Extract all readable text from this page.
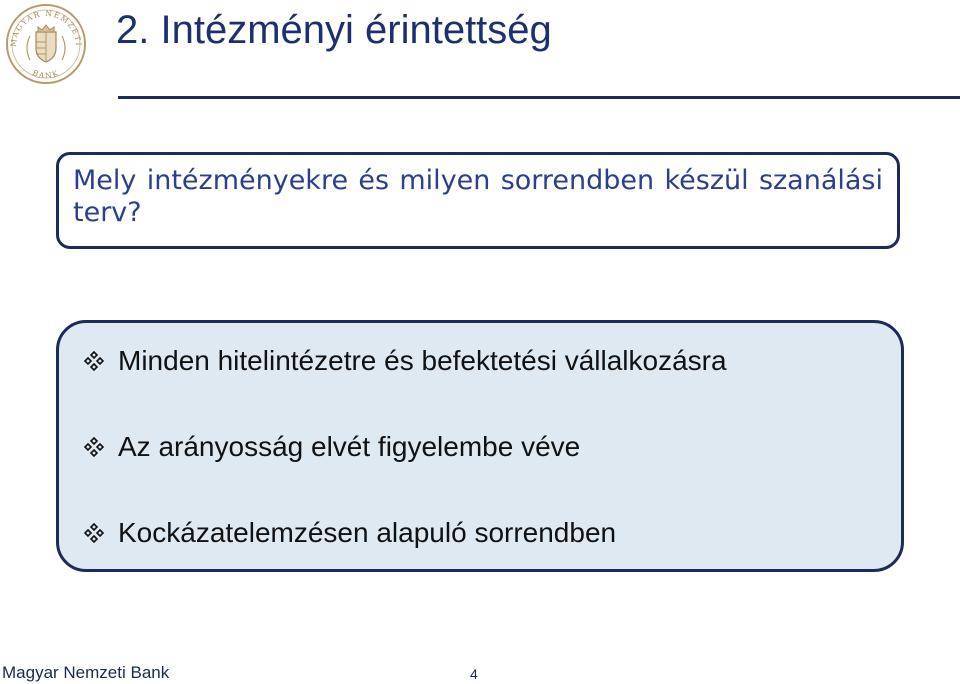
MAGYAR NEMZETI
BANK
2. Intézményi érintettség

Mely intézményekre és milyen sorrendben készül szanálási terv?

Minden hitelintézetre és befektetési vállalkozásra
Az arányosság elvét figyelembe véve
Kockázatelemzésen alapuló sorrendben
Magyar Nemzeti Bank	4
